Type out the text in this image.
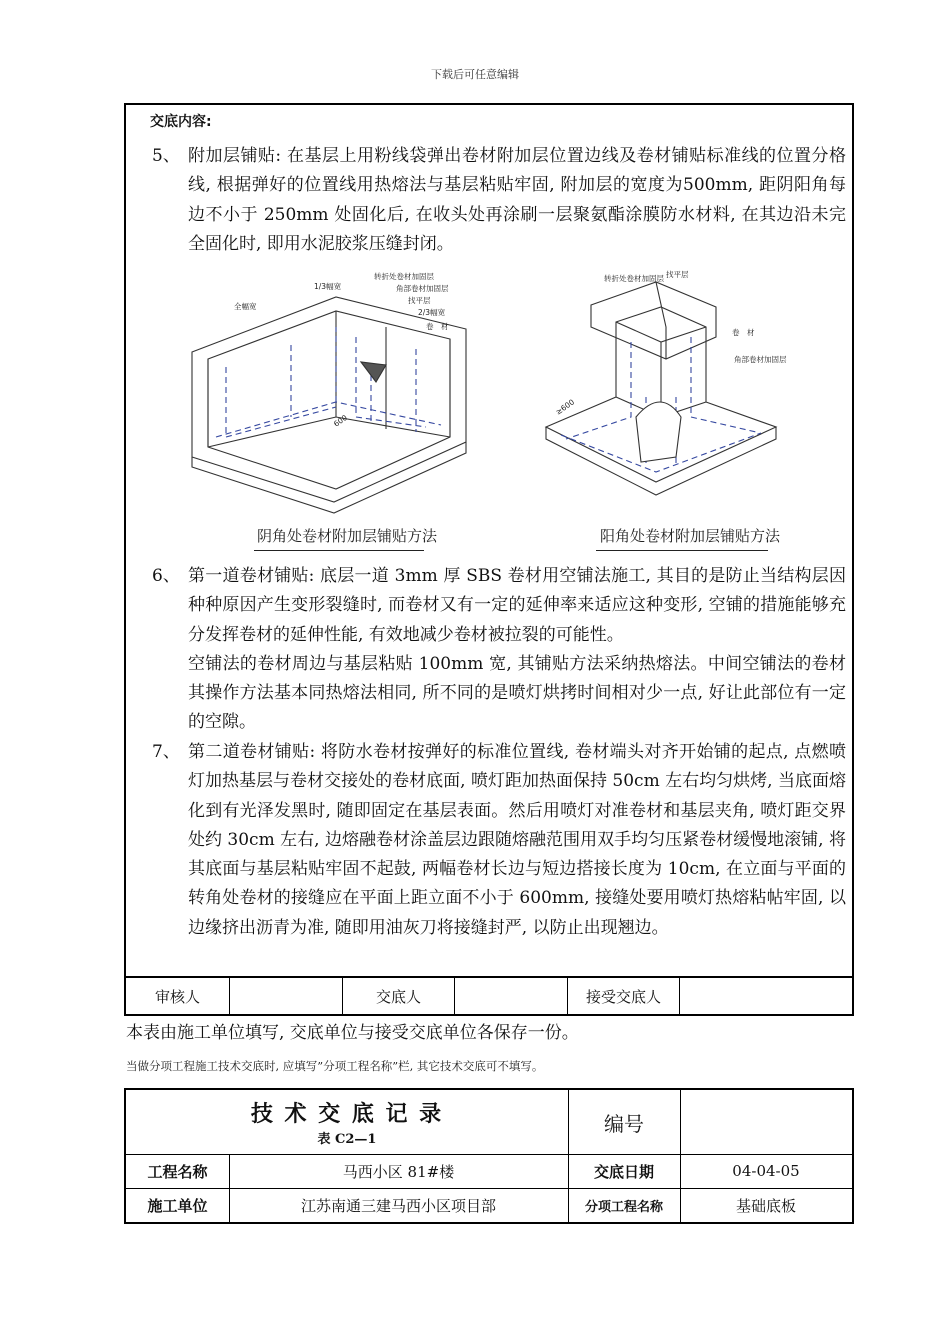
下载后可任意编辑
交底内容:
5、 附加层铺贴: 在基层上用粉线袋弹出卷材附加层位置边线及卷材铺贴标准线的位置分格线, 根据弹好的位置线用热熔法与基层粘贴牢固, 附加层的宽度为500mm, 距阴阳角每边不小于 250mm 处固化后, 在收头处再涂刷一层聚氨酯涂膜防水材料, 在其边沿未完全固化时, 即用水泥胶浆压缝封闭。

全幅宽
1/3幅宽
转折处卷材加固层
角部卷材加固层
找平层
2/3幅宽
卷　材
600
转折处卷材加固层 找平层
卷　材
角部卷材加固层
≥600
阴角处卷材附加层铺贴方法	阳角处卷材附加层铺贴方法
6、 第一道卷材铺贴: 底层一道 3mm 厚 SBS 卷材用空铺法施工, 其目的是防止当结构层因种种原因产生变形裂缝时, 而卷材又有一定的延伸率来适应这种变形, 空铺的措施能够充分发挥卷材的延伸性能, 有效地减少卷材被拉裂的可能性。

空铺法的卷材周边与基层粘贴 100mm 宽, 其铺贴方法采纳热熔法。中间空铺法的卷材其操作方法基本同热熔法相同, 所不同的是喷灯烘拷时间相对少一点, 好让此部位有一定的空隙。

7、 第二道卷材铺贴: 将防水卷材按弹好的标准位置线, 卷材端头对齐开始铺的起点, 点燃喷灯加热基层与卷材交接处的卷材底面, 喷灯距加热面保持 50cm 左右均匀烘烤, 当底面熔化到有光泽发黑时, 随即固定在基层表面。然后用喷灯对准卷材和基层夹角, 喷灯距交界处约 30cm 左右, 边熔融卷材涂盖层边跟随熔融范围用双手均匀压紧卷材缓慢地滚铺, 将其底面与基层粘贴牢固不起鼓, 两幅卷材长边与短边搭接长度为 10cm, 在立面与平面的转角处卷材的接缝应在平面上距立面不小于 600mm, 接缝处要用喷灯热熔粘帖牢固, 以边缘挤出沥青为准, 随即用油灰刀将接缝封严, 以防止出现翘边。

审核人	交底人	接受交底人
本表由施工单位填写, 交底单位与接受交底单位各保存一份。
当做分项工程施工技术交底时, 应填写”分项工程名称”栏, 其它技术交底可不填写。
技 术 交 底 记 录
表 C2—1
编号
工程名称	马西小区 81#楼	交底日期	04-04-05
施工单位	江苏南通三建马西小区项目部	分项工程名称	基础底板
